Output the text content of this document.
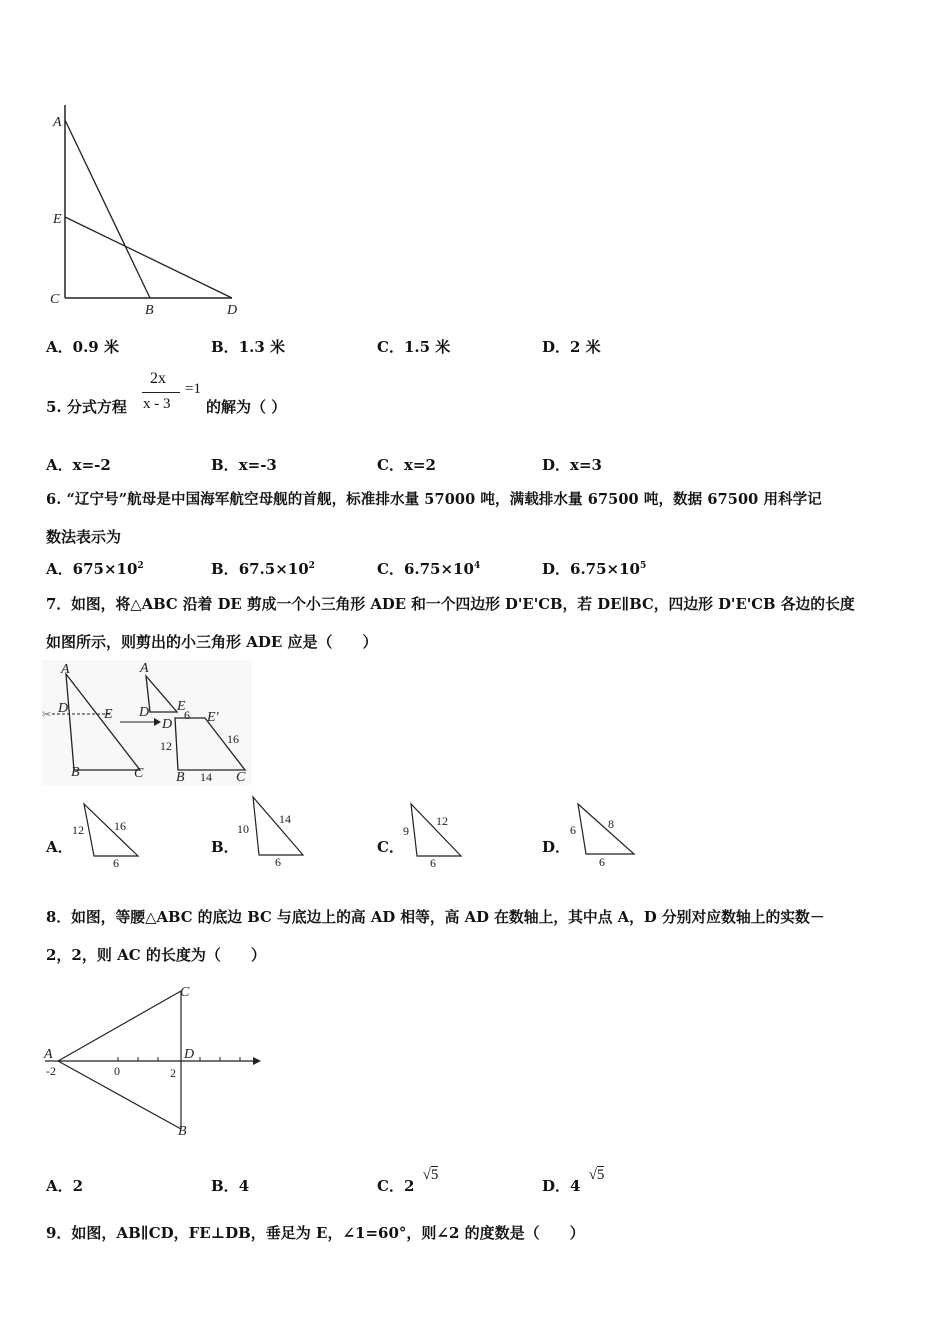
A
E
C
B	D
A．0.9 米	B．1.3 米	C．1.5 米	D．2 米
5. 分式方程
2x
x - 3
=1
的解为（ ）
A．x=-2	B．x=-3	C．x=2	D．x=3
6. “辽宁号”航母是中国海军航空母舰的首舰，标准排水量 57000 吨，满载排水量 67500 吨，数据 67500 用科学记
数法表示为
A．$675\times 10^2$	B．$67.5\times 10^2$	C．$6.75\times 10^4$	D．$6.75\times 10^5$
7．如图，将△ABC 沿着 DE 剪成一个小三角形 ADE 和一个四边形 D'E'CB，若 DE∥BC，四边形 D'E'CB 各边的长度
如图所示，则剪出的小三角形 ADE 应是（　　）
✂
A
D	E
B	C
A
D E
D E'
B	C
6
12	16
14
A．
12	16
6
B．
10
14
6
C．
9
12
6
D．
6	8
6
8．如图，等腰△ABC 的底边 BC 与底边上的高 AD 相等，高 AD 在数轴上，其中点 A，D 分别对应数轴上的实数－
2，2，则 AC 的长度为（　　）
A
C
D
B
-2	0	2
A．2	B．4	C．2 √5
D．4 √5
9．如图，AB∥CD，FE⊥DB，垂足为 E，∠1=60°，则∠2 的度数是（　　）
